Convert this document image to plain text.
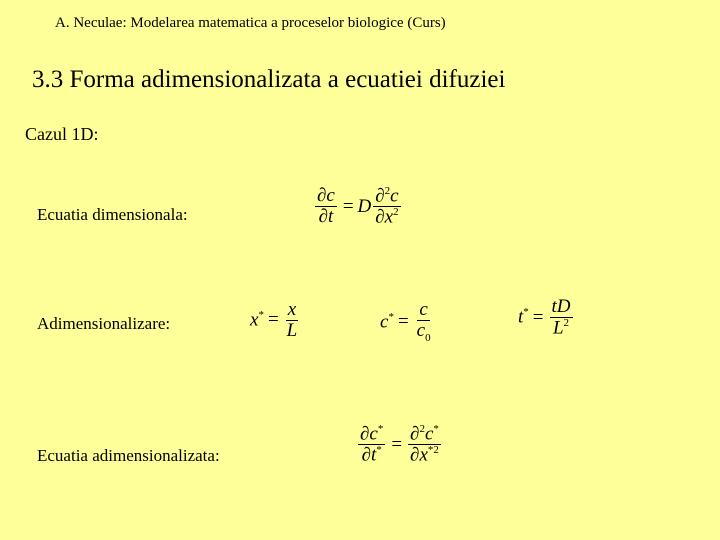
A. Neculae: Modelarea matematica a proceselor biologice (Curs)
3.3 Forma adimensionalizata a ecuatiei difuziei
Cazul 1D:
Ecuatia dimensionala:	$\frac{\partial c}{\partial t} = D \frac{\partial^2c}{\partial x^2}$
Adimensionalizare:	$x^* = \frac{x}{L}$	$c^* = \frac{c}{c_0}$	$t^* = \frac{tD}{L^2}$
Ecuatia adimensionalizata:	$\frac{\partial c^*}{\partial t^*} = \frac{\partial^2c^*}{\partial x^{*2}}$
